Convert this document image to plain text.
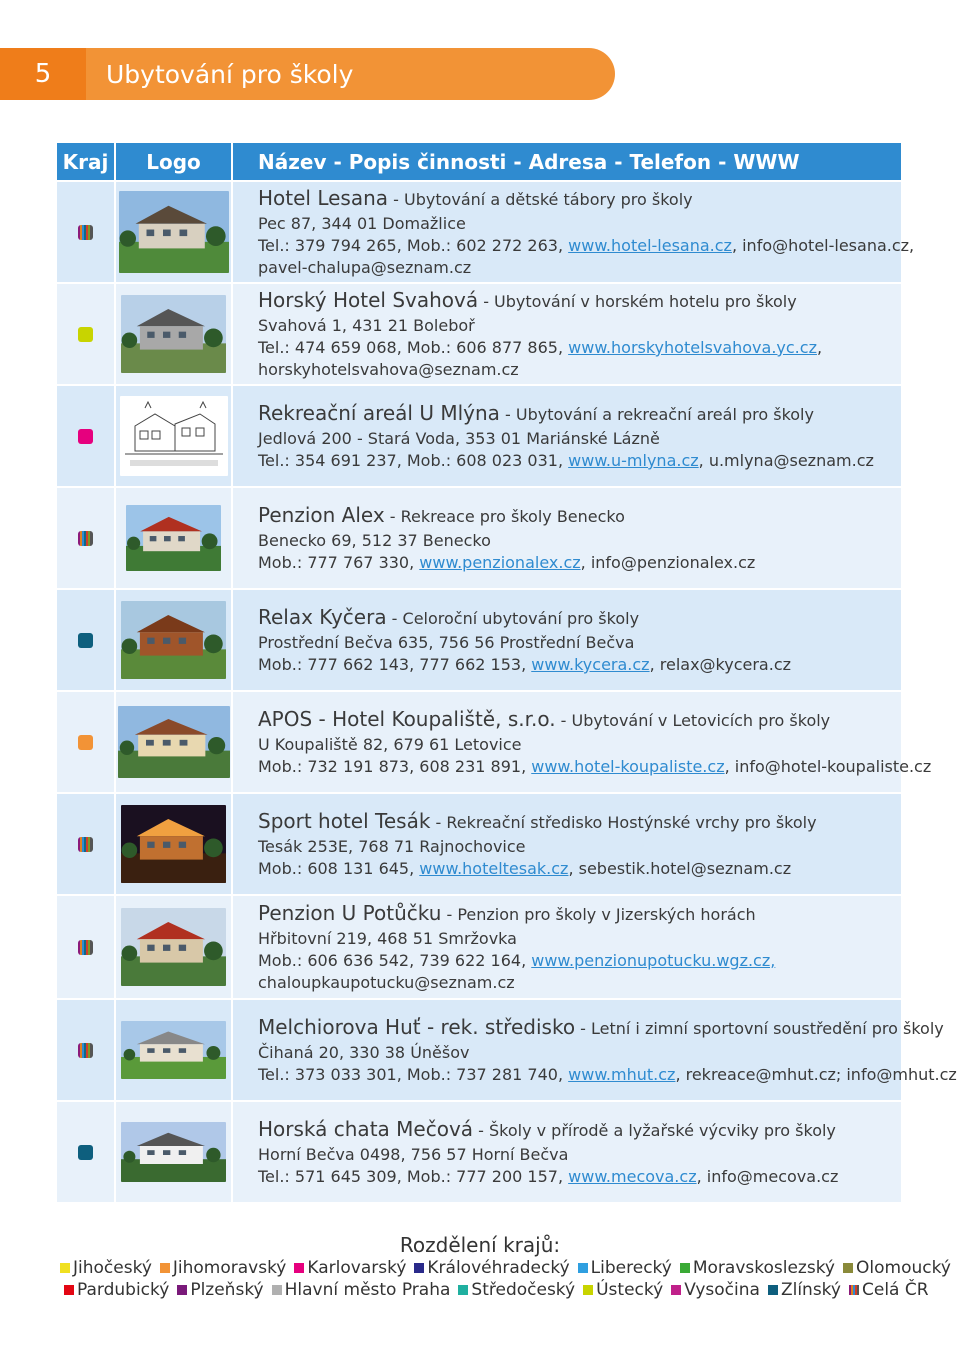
5	Ubytování pro školy
Kraj	Logo	Název - Popis činnosti - Adresa - Telefon - WWW
Hotel Lesana - Ubytování a dětské tábory pro školy
Pec 87, 344 01 Domažlice
Tel.: 379 794 265, Mob.: 602 272 263, www.hotel-lesana.cz, info@hotel-lesana.cz,
pavel-chalupa@seznam.cz
Horský Hotel Svahová - Ubytování v horském hotelu pro školy
Svahová 1, 431 21 Boleboř
Tel.: 474 659 068, Mob.: 606 877 865, www.horskyhotelsvahova.yc.cz,
horskyhotelsvahova@seznam.cz
Rekreační areál U Mlýna - Ubytování a rekreační areál pro školy
Jedlová 200 - Stará Voda, 353 01 Mariánské Lázně
Tel.: 354 691 237, Mob.: 608 023 031, www.u-mlyna.cz, u.mlyna@seznam.cz
Penzion Alex - Rekreace pro školy Benecko
Benecko 69, 512 37 Benecko
Mob.: 777 767 330, www.penzionalex.cz, info@penzionalex.cz
Relax Kyčera - Celoroční ubytování pro školy
Prostřední Bečva 635, 756 56 Prostřední Bečva
Mob.: 777 662 143, 777 662 153, www.kycera.cz, relax@kycera.cz
APOS - Hotel Koupaliště, s.r.o. - Ubytování v Letovicích pro školy
U Koupaliště 82, 679 61 Letovice
Mob.: 732 191 873, 608 231 891, www.hotel-koupaliste.cz, info@hotel-koupaliste.cz
Sport hotel Tesák - Rekreační středisko Hostýnské vrchy pro školy
Tesák 253E, 768 71 Rajnochovice
Mob.: 608 131 645, www.hoteltesak.cz, sebestik.hotel@seznam.cz
Penzion U Potůčku - Penzion pro školy v Jizerských horách
Hřbitovní 219, 468 51 Smržovka
Mob.: 606 636 542, 739 622 164, www.penzionupotucku.wgz.cz,
chaloupkaupotucku@seznam.cz
Melchiorova Huť - rek. středisko - Letní i zimní sportovní soustředění pro školy
Čihaná 20, 330 38 Úněšov
Tel.: 373 033 301, Mob.: 737 281 740, www.mhut.cz, rekreace@mhut.cz; info@mhut.cz
Horská chata Mečová - Školy v přírodě a lyžařské výcviky pro školy
Horní Bečva 0498, 756 57 Horní Bečva
Tel.: 571 645 309, Mob.: 777 200 157, www.mecova.cz, info@mecova.cz
Rozdělení krajů:
Jihočeský Jihomoravský Karlovarský Královéhradecký Liberecký Moravskoslezský Olomoucký
Pardubický Plzeňský Hlavní město Praha Středočeský Ústecký Vysočina Zlínský Celá ČR
